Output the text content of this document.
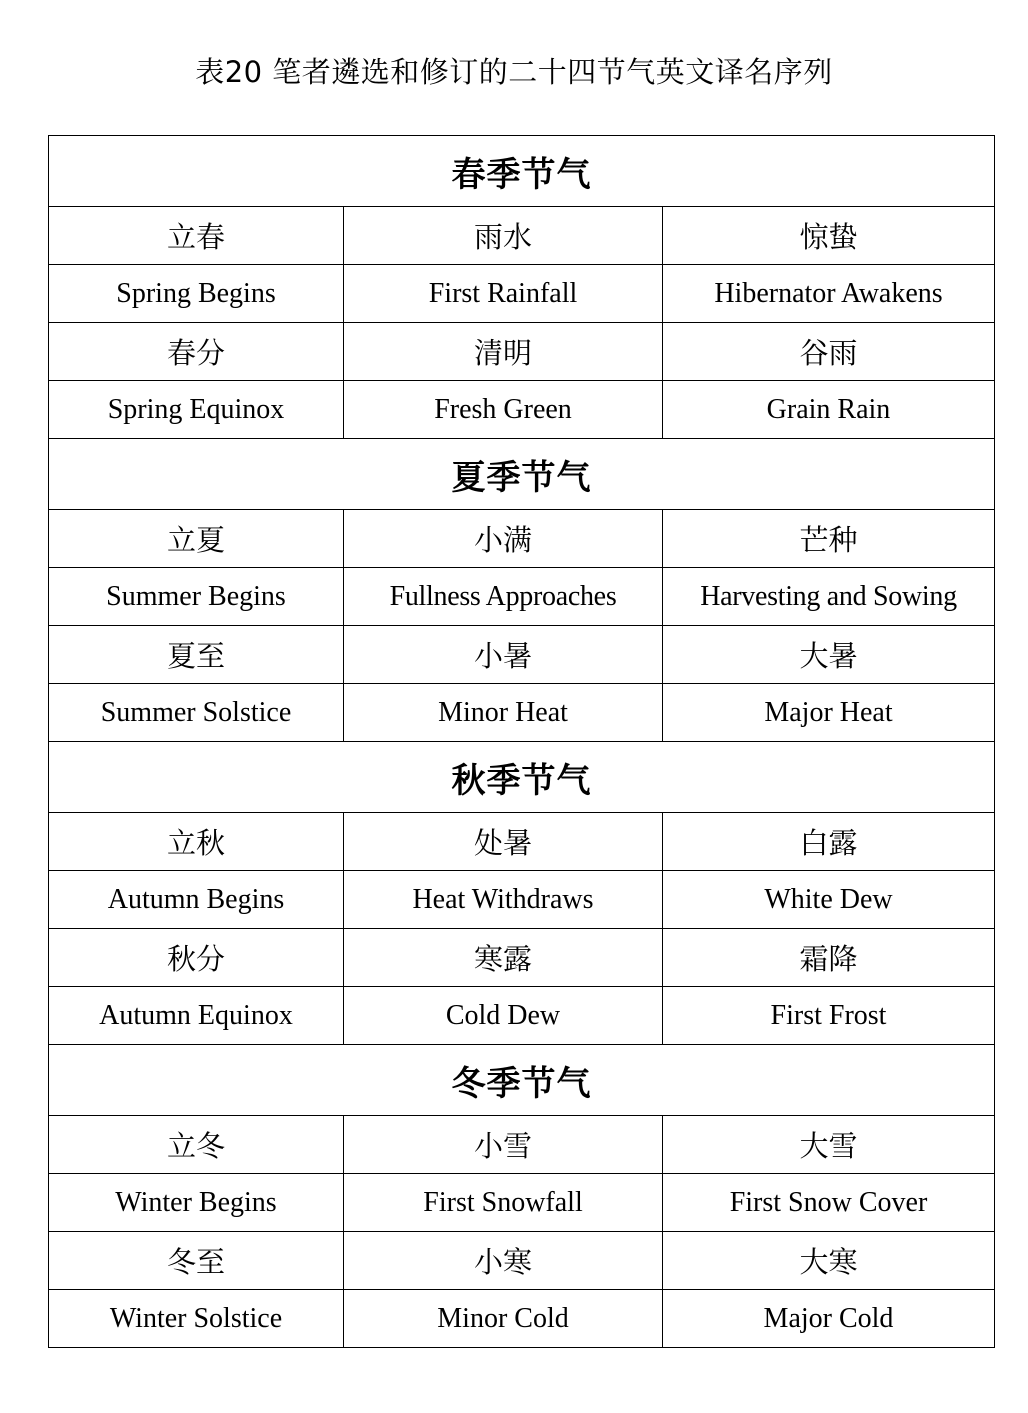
表20 笔者遴选和修订的二十四节气英文译名序列
春季节气		
立春	雨水	惊蛰
Spring Begins	First Rainfall	Hibernator Awakens
春分	清明	谷雨
Spring Equinox	Fresh Green	Grain Rain
夏季节气		
立夏	小满	芒种
Summer Begins	Fullness Approaches	Harvesting and Sowing
夏至	小暑	大暑
Summer Solstice	Minor Heat	Major Heat
秋季节气		
立秋	处暑	白露
Autumn Begins	Heat Withdraws	White Dew
秋分	寒露	霜降
Autumn Equinox	Cold Dew	First Frost
冬季节气		
立冬	小雪	大雪
Winter Begins	First Snowfall	First Snow Cover
冬至	小寒	大寒
Winter Solstice	Minor Cold	Major Cold
